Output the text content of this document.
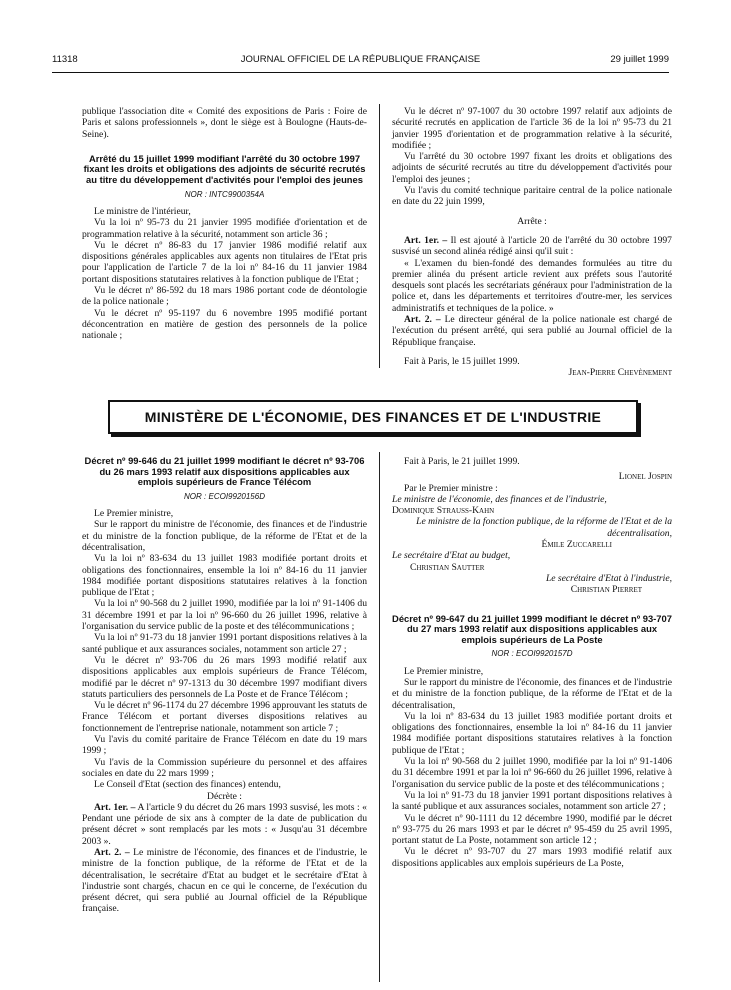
11318	JOURNAL OFFICIEL DE LA RÉPUBLIQUE FRANÇAISE	29 juillet 1999

publique l'association dite « Comité des expositions de Paris : Foire de Paris et salons professionnels », dont le siège est à Boulogne (Hauts-de-Seine).

Arrêté du 15 juillet 1999 modifiant l'arrêté du 30 octobre 1997 fixant les droits et obligations des adjoints de sécurité recrutés au titre du développement d'activités pour l'emploi des jeunes
NOR : INTC9900354A

Le ministre de l'intérieur,

Vu la loi nº 95-73 du 21 janvier 1995 modifiée d'orientation et de programmation relative à la sécurité, notamment son article 36 ;

Vu le décret nº 86-83 du 17 janvier 1986 modifié relatif aux dispositions générales applicables aux agents non titulaires de l'Etat pris pour l'application de l'article 7 de la loi nº 84-16 du 11 janvier 1984 portant dispositions statutaires relatives à la fonction publique de l'Etat ;

Vu le décret nº 86-592 du 18 mars 1986 portant code de déontologie de la police nationale ;

Vu le décret nº 95-1197 du 6 novembre 1995 modifié portant déconcentration en matière de gestion des personnels de la police nationale ;

Vu le décret nº 97-1007 du 30 octobre 1997 relatif aux adjoints de sécurité recrutés en application de l'article 36 de la loi nº 95-73 du 21 janvier 1995 d'orientation et de programmation relative à la sécurité, modifiée ;

Vu l'arrêté du 30 octobre 1997 fixant les droits et obligations des adjoints de sécurité recrutés au titre du développement d'activités pour l'emploi des jeunes ;

Vu l'avis du comité technique paritaire central de la police nationale en date du 22 juin 1999,

Arrête :

Art. 1er. – Il est ajouté à l'article 20 de l'arrêté du 30 octobre 1997 susvisé un second alinéa rédigé ainsi qu'il suit :

« L'examen du bien-fondé des demandes formulées au titre du premier alinéa du présent article revient aux préfets sous l'autorité desquels sont placés les secrétariats généraux pour l'administration de la police et, dans les départements et territoires d'outre-mer, les services administratifs et techniques de la police. »

Art. 2. – Le directeur général de la police nationale est chargé de l'exécution du présent arrêté, qui sera publié au Journal officiel de la République française.

Fait à Paris, le 15 juillet 1999.

Jean-Pierre Chevènement

MINISTÈRE DE L'ÉCONOMIE, DES FINANCES ET DE L'INDUSTRIE
Décret nº 99-646 du 21 juillet 1999 modifiant le décret nº 93-706 du 26 mars 1993 relatif aux dispositions applicables aux emplois supérieurs de France Télécom
NOR : ECOI9920156D

Le Premier ministre,

Sur le rapport du ministre de l'économie, des finances et de l'industrie et du ministre de la fonction publique, de la réforme de l'Etat et de la décentralisation,

Vu la loi nº 83-634 du 13 juillet 1983 modifiée portant droits et obligations des fonctionnaires, ensemble la loi nº 84-16 du 11 janvier 1984 modifiée portant dispositions statutaires relatives à la fonction publique de l'Etat ;

Vu la loi nº 90-568 du 2 juillet 1990, modifiée par la loi nº 91-1406 du 31 décembre 1991 et par la loi nº 96-660 du 26 juillet 1996, relative à l'organisation du service public de la poste et des télécommunications ;

Vu la loi nº 91-73 du 18 janvier 1991 portant dispositions relatives à la santé publique et aux assurances sociales, notamment son article 27 ;

Vu le décret nº 93-706 du 26 mars 1993 modifié relatif aux dispositions applicables aux emplois supérieurs de France Télécom, modifié par le décret nº 97-1313 du 30 décembre 1997 modifiant divers statuts particuliers des personnels de La Poste et de France Télécom ;

Vu le décret nº 96-1174 du 27 décembre 1996 approuvant les statuts de France Télécom et portant diverses dispositions relatives au fonctionnement de l'entreprise nationale, notamment son article 7 ;

Vu l'avis du comité paritaire de France Télécom en date du 19 mars 1999 ;

Vu l'avis de la Commission supérieure du personnel et des affaires sociales en date du 22 mars 1999 ;

Le Conseil d'Etat (section des finances) entendu,

Décrète :

Art. 1er. – A l'article 9 du décret du 26 mars 1993 susvisé, les mots : « Pendant une période de six ans à compter de la date de publication du présent décret » sont remplacés par les mots : « Jusqu'au 31 décembre 2003 ».

Art. 2. – Le ministre de l'économie, des finances et de l'industrie, le ministre de la fonction publique, de la réforme de l'Etat et de la décentralisation, le secrétaire d'Etat au budget et le secrétaire d'Etat à l'industrie sont chargés, chacun en ce qui le concerne, de l'exécution du présent décret, qui sera publié au Journal officiel de la République française.

Fait à Paris, le 21 juillet 1999.

Lionel Jospin

Par le Premier ministre :

Le ministre de l'économie, des finances et de l'industrie,

Dominique Strauss-Kahn

Le ministre de la fonction publique, de la réforme de l'Etat et de la décentralisation,

Émile Zuccarelli

Le secrétaire d'Etat au budget,

Christian Sautter

Le secrétaire d'Etat à l'industrie,

Christian Pierret

Décret nº 99-647 du 21 juillet 1999 modifiant le décret nº 93-707 du 27 mars 1993 relatif aux dispositions applicables aux emplois supérieurs de La Poste
NOR : ECOI9920157D

Le Premier ministre,

Sur le rapport du ministre de l'économie, des finances et de l'industrie et du ministre de la fonction publique, de la réforme de l'Etat et de la décentralisation,

Vu la loi nº 83-634 du 13 juillet 1983 modifiée portant droits et obligations des fonctionnaires, ensemble la loi nº 84-16 du 11 janvier 1984 modifiée portant dispositions statutaires relatives à la fonction publique de l'Etat ;

Vu la loi nº 90-568 du 2 juillet 1990, modifiée par la loi nº 91-1406 du 31 décembre 1991 et par la loi nº 96-660 du 26 juillet 1996, relative à l'organisation du service public de la poste et des télécommunications ;

Vu la loi nº 91-73 du 18 janvier 1991 portant dispositions relatives à la santé publique et aux assurances sociales, notamment son article 27 ;

Vu le décret nº 90-1111 du 12 décembre 1990, modifié par le décret nº 93-775 du 26 mars 1993 et par le décret nº 95-459 du 25 avril 1995, portant statut de La Poste, notamment son article 12 ;

Vu le décret nº 93-707 du 27 mars 1993 modifié relatif aux dispositions applicables aux emplois supérieurs de La Poste,
